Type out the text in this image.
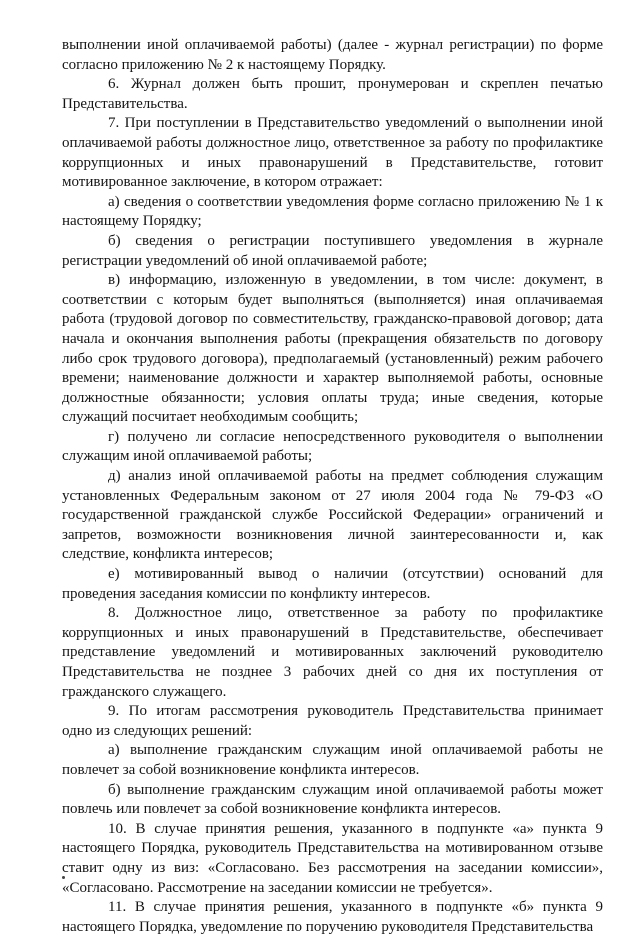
выполнении иной оплачиваемой работы) (далее - журнал регистрации) по форме согласно приложению № 2 к настоящему Порядку.

6. Журнал должен быть прошит, пронумерован и скреплен печатью Представительства.

7. При поступлении в Представительство уведомлений о выполнении иной оплачиваемой работы должностное лицо, ответственное за работу по профилактике коррупционных и иных правонарушений в Представительстве, готовит мотивированное заключение, в котором отражает:

а) сведения о соответствии уведомления форме согласно приложению № 1 к настоящему Порядку;

б) сведения о регистрации поступившего уведомления в журнале регистрации уведомлений об иной оплачиваемой работе;

в) информацию, изложенную в уведомлении, в том числе: документ, в соответствии с которым будет выполняться (выполняется) иная оплачиваемая работа (трудовой договор по совместительству, гражданско-правовой договор; дата начала и окончания выполнения работы (прекращения обязательств по договору либо срок трудового договора), предполагаемый (установленный) режим рабочего времени; наименование должности и характер выполняемой работы, основные должностные обязанности; условия оплаты труда; иные сведения, которые служащий посчитает необходимым сообщить;

г) получено ли согласие непосредственного руководителя о выполнении служащим иной оплачиваемой работы;

д) анализ иной оплачиваемой работы на предмет соблюдения служащим установленных Федеральным законом от 27 июля 2004 года № 79-ФЗ «О государственной гражданской службе Российской Федерации» ограничений и запретов, возможности возникновения личной заинтересованности и, как следствие, конфликта интересов;

е) мотивированный вывод о наличии (отсутствии) оснований для проведения заседания комиссии по конфликту интересов.

8. Должностное лицо, ответственное за работу по профилактике коррупционных и иных правонарушений в Представительстве, обеспечивает представление уведомлений и мотивированных заключений руководителю Представительства не позднее 3 рабочих дней со дня их поступления от гражданского служащего.

9. По итогам рассмотрения руководитель Представительства принимает одно из следующих решений:

а) выполнение гражданским служащим иной оплачиваемой работы не повлечет за собой возникновение конфликта интересов.

б) выполнение гражданским служащим иной оплачиваемой работы может повлечь или повлечет за собой возникновение конфликта интересов.

10. В случае принятия решения, указанного в подпункте «а» пункта 9 настоящего Порядка, руководитель Представительства на мотивированном отзыве ставит одну из виз: «Согласовано. Без рассмотрения на заседании комиссии», «Согласовано. Рассмотрение на заседании комиссии не требуется».

11. В случае принятия решения, указанного в подпункте «б» пункта 9 настоящего Порядка, уведомление по поручению руководителя Представительства
